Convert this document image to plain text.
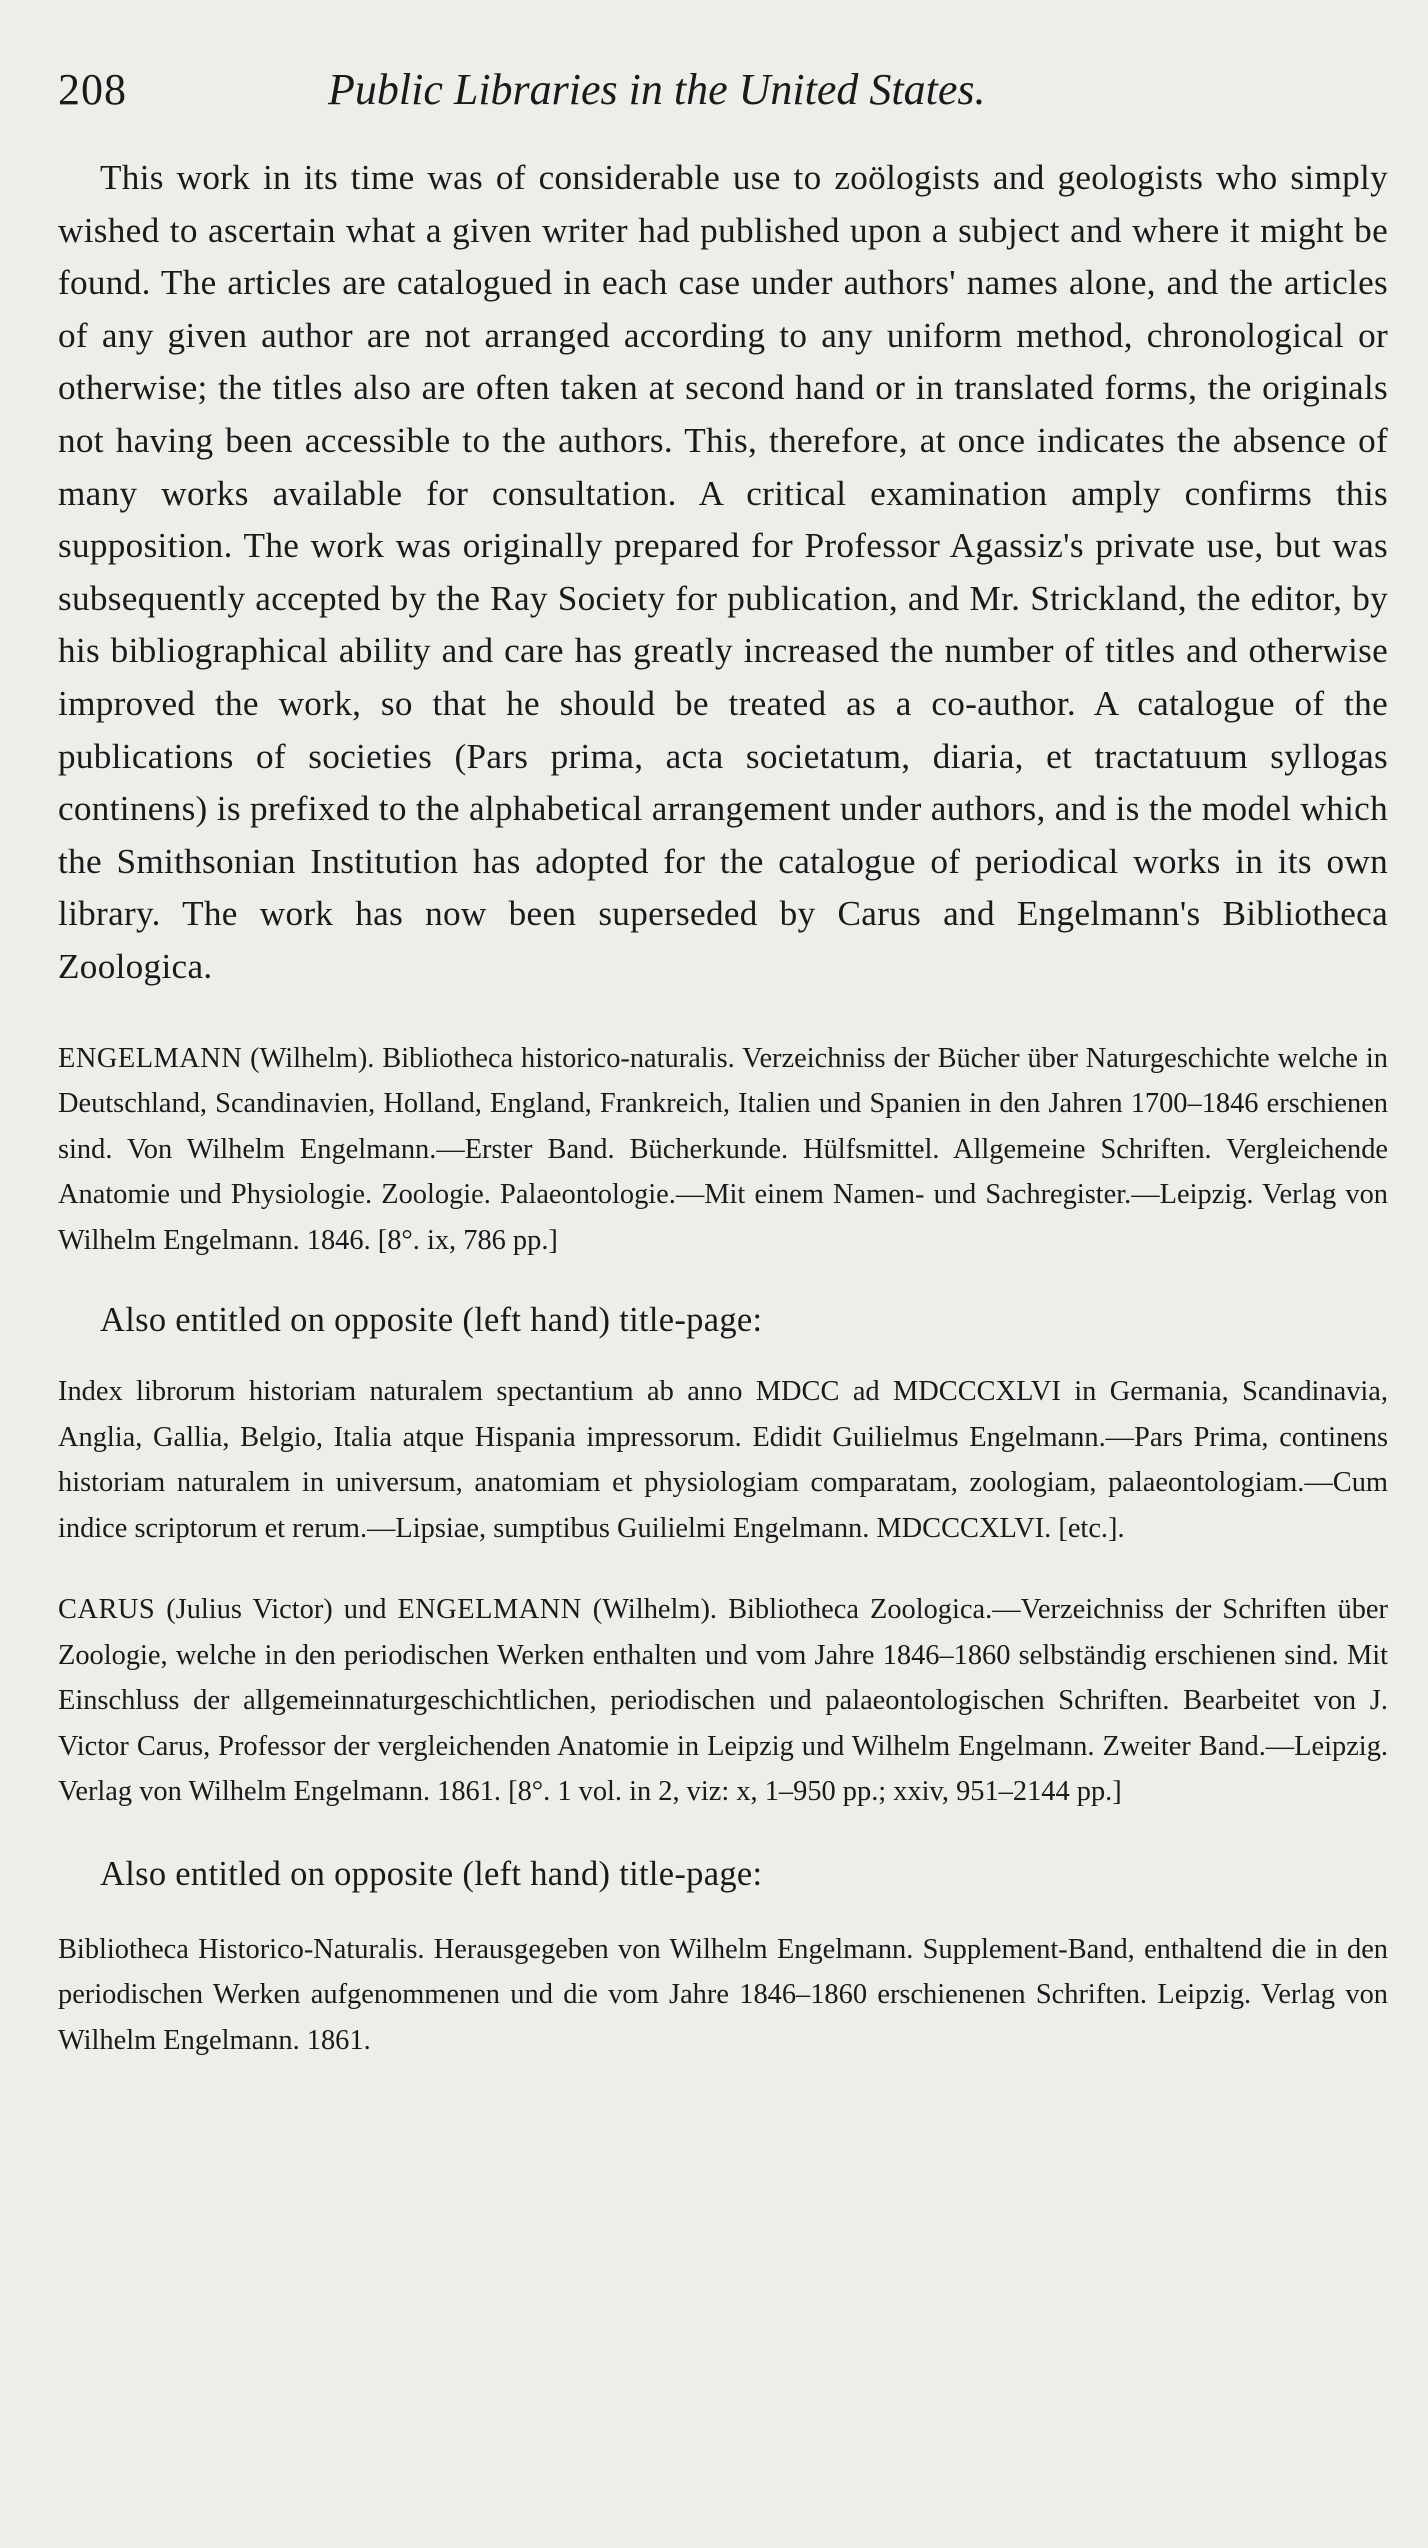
208	Public Libraries in the United States.

This work in its time was of considerable use to zoölogists and geologists who simply wished to ascertain what a given writer had published upon a subject and where it might be found. The articles are catalogued in each case under authors' names alone, and the articles of any given author are not arranged according to any uniform method, chronological or otherwise; the titles also are often taken at second hand or in translated forms, the originals not having been accessible to the authors. This, therefore, at once indicates the absence of many works available for consultation. A critical examination amply confirms this supposition. The work was originally prepared for Professor Agassiz's private use, but was subsequently accepted by the Ray Society for publication, and Mr. Strickland, the editor, by his bibliographical ability and care has greatly increased the number of titles and otherwise improved the work, so that he should be treated as a co-author. A catalogue of the publications of societies (Pars prima, acta societatum, diaria, et tractatuum syllogas continens) is prefixed to the alphabetical arrangement under authors, and is the model which the Smithsonian Institution has adopted for the catalogue of periodical works in its own library. The work has now been superseded by Carus and Engelmann's Bibliotheca Zoologica.

ENGELMANN (Wilhelm). Bibliotheca historico-naturalis. Verzeichniss der Bücher über Naturgeschichte welche in Deutschland, Scandinavien, Holland, England, Frankreich, Italien und Spanien in den Jahren 1700–1846 erschienen sind. Von Wilhelm Engelmann.—Erster Band. Bücherkunde. Hülfsmittel. Allgemeine Schriften. Vergleichende Anatomie und Physiologie. Zoologie. Palaeontologie.—Mit einem Namen- und Sachregister.—Leipzig. Verlag von Wilhelm Engelmann. 1846. [8°. ix, 786 pp.]

Also entitled on opposite (left hand) title-page:

Index librorum historiam naturalem spectantium ab anno MDCC ad MDCCCXLVI in Germania, Scandinavia, Anglia, Gallia, Belgio, Italia atque Hispania impressorum. Edidit Guilielmus Engelmann.—Pars Prima, continens historiam naturalem in universum, anatomiam et physiologiam comparatam, zoologiam, palaeontologiam.—Cum indice scriptorum et rerum.—Lipsiae, sumptibus Guilielmi Engelmann. MDCCCXLVI. [etc.].

CARUS (Julius Victor) und ENGELMANN (Wilhelm). Bibliotheca Zoologica.—Verzeichniss der Schriften über Zoologie, welche in den periodischen Werken enthalten und vom Jahre 1846–1860 selbständig erschienen sind. Mit Einschluss der allgemeinnaturgeschichtlichen, periodischen und palaeontologischen Schriften. Bearbeitet von J. Victor Carus, Professor der vergleichenden Anatomie in Leipzig und Wilhelm Engelmann. Zweiter Band.—Leipzig. Verlag von Wilhelm Engelmann. 1861. [8°. 1 vol. in 2, viz: x, 1–950 pp.; xxiv, 951–2144 pp.]

Also entitled on opposite (left hand) title-page:

Bibliotheca Historico-Naturalis. Herausgegeben von Wilhelm Engelmann. Supplement-Band, enthaltend die in den periodischen Werken aufgenommenen und die vom Jahre 1846–1860 erschienenen Schriften. Leipzig. Verlag von Wilhelm Engelmann. 1861.
